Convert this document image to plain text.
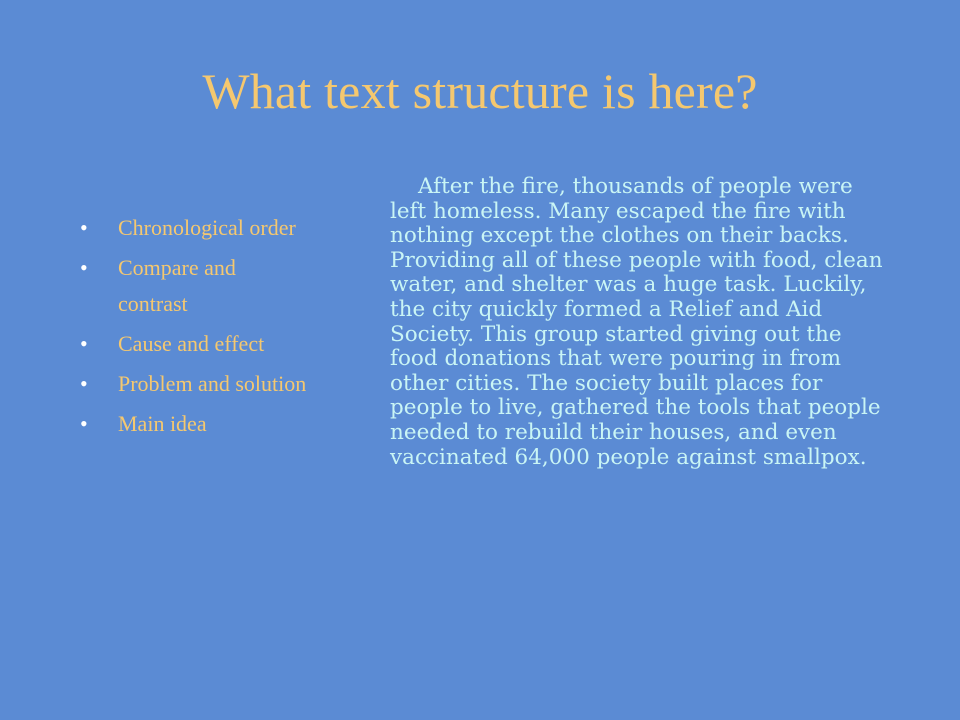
What text structure is here?
• Chronological order
• Compare and contrast
• Cause and effect
• Problem and solution
• Main idea

After the fire, thousands of people were left homeless. Many escaped the fire with nothing except the clothes on their backs. Providing all of these people with food, clean water, and shelter was a huge task. Luckily, the city quickly formed a Relief and Aid Society. This group started giving out the food donations that were pouring in from other cities. The society built places for people to live, gathered the tools that people needed to rebuild their houses, and even vaccinated 64,000 people against smallpox.
